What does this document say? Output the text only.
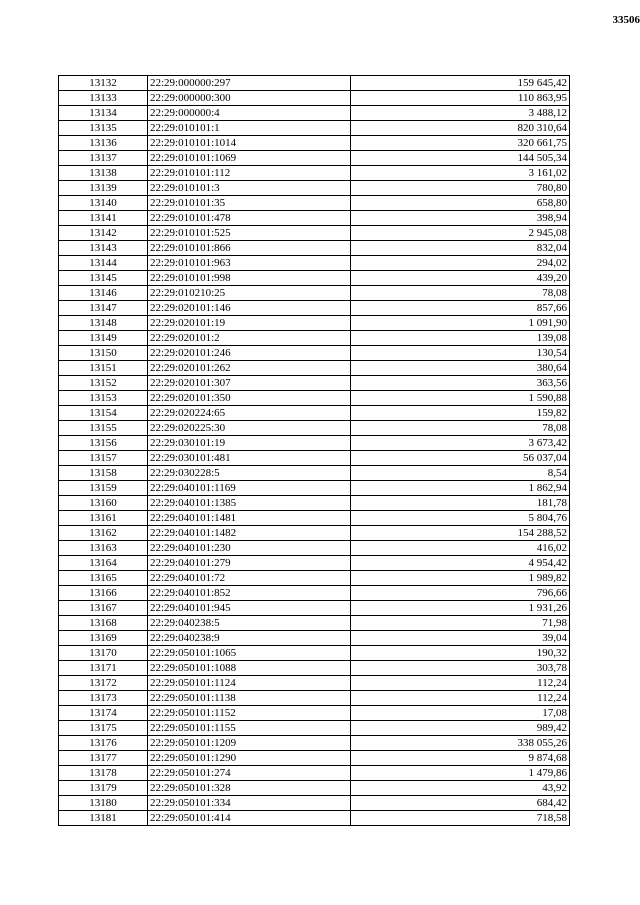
33506
13132	22:29:000000:297	159 645,42
13133	22:29:000000:300	110 863,95
13134	22:29:000000:4	3 488,12
13135	22:29:010101:1	820 310,64
13136	22:29:010101:1014	320 661,75
13137	22:29:010101:1069	144 505,34
13138	22:29:010101:112	3 161,02
13139	22:29:010101:3	780,80
13140	22:29:010101:35	658,80
13141	22:29:010101:478	398,94
13142	22:29:010101:525	2 945,08
13143	22:29:010101:866	832,04
13144	22:29:010101:963	294,02
13145	22:29:010101:998	439,20
13146	22:29:010210:25	78,08
13147	22:29:020101:146	857,66
13148	22:29:020101:19	1 091,90
13149	22:29:020101:2	139,08
13150	22:29:020101:246	130,54
13151	22:29:020101:262	380,64
13152	22:29:020101:307	363,56
13153	22:29:020101:350	1 590,88
13154	22:29:020224:65	159,82
13155	22:29:020225:30	78,08
13156	22:29:030101:19	3 673,42
13157	22:29:030101:481	56 037,04
13158	22:29:030228:5	8,54
13159	22:29:040101:1169	1 862,94
13160	22:29:040101:1385	181,78
13161	22:29:040101:1481	5 804,76
13162	22:29:040101:1482	154 288,52
13163	22:29:040101:230	416,02
13164	22:29:040101:279	4 954,42
13165	22:29:040101:72	1 989,82
13166	22:29:040101:852	796,66
13167	22:29:040101:945	1 931,26
13168	22:29:040238:5	71,98
13169	22:29:040238:9	39,04
13170	22:29:050101:1065	190,32
13171	22:29:050101:1088	303,78
13172	22:29:050101:1124	112,24
13173	22:29:050101:1138	112,24
13174	22:29:050101:1152	17,08
13175	22:29:050101:1155	989,42
13176	22:29:050101:1209	338 055,26
13177	22:29:050101:1290	9 874,68
13178	22:29:050101:274	1 479,86
13179	22:29:050101:328	43,92
13180	22:29:050101:334	684,42
13181	22:29:050101:414	718,58
